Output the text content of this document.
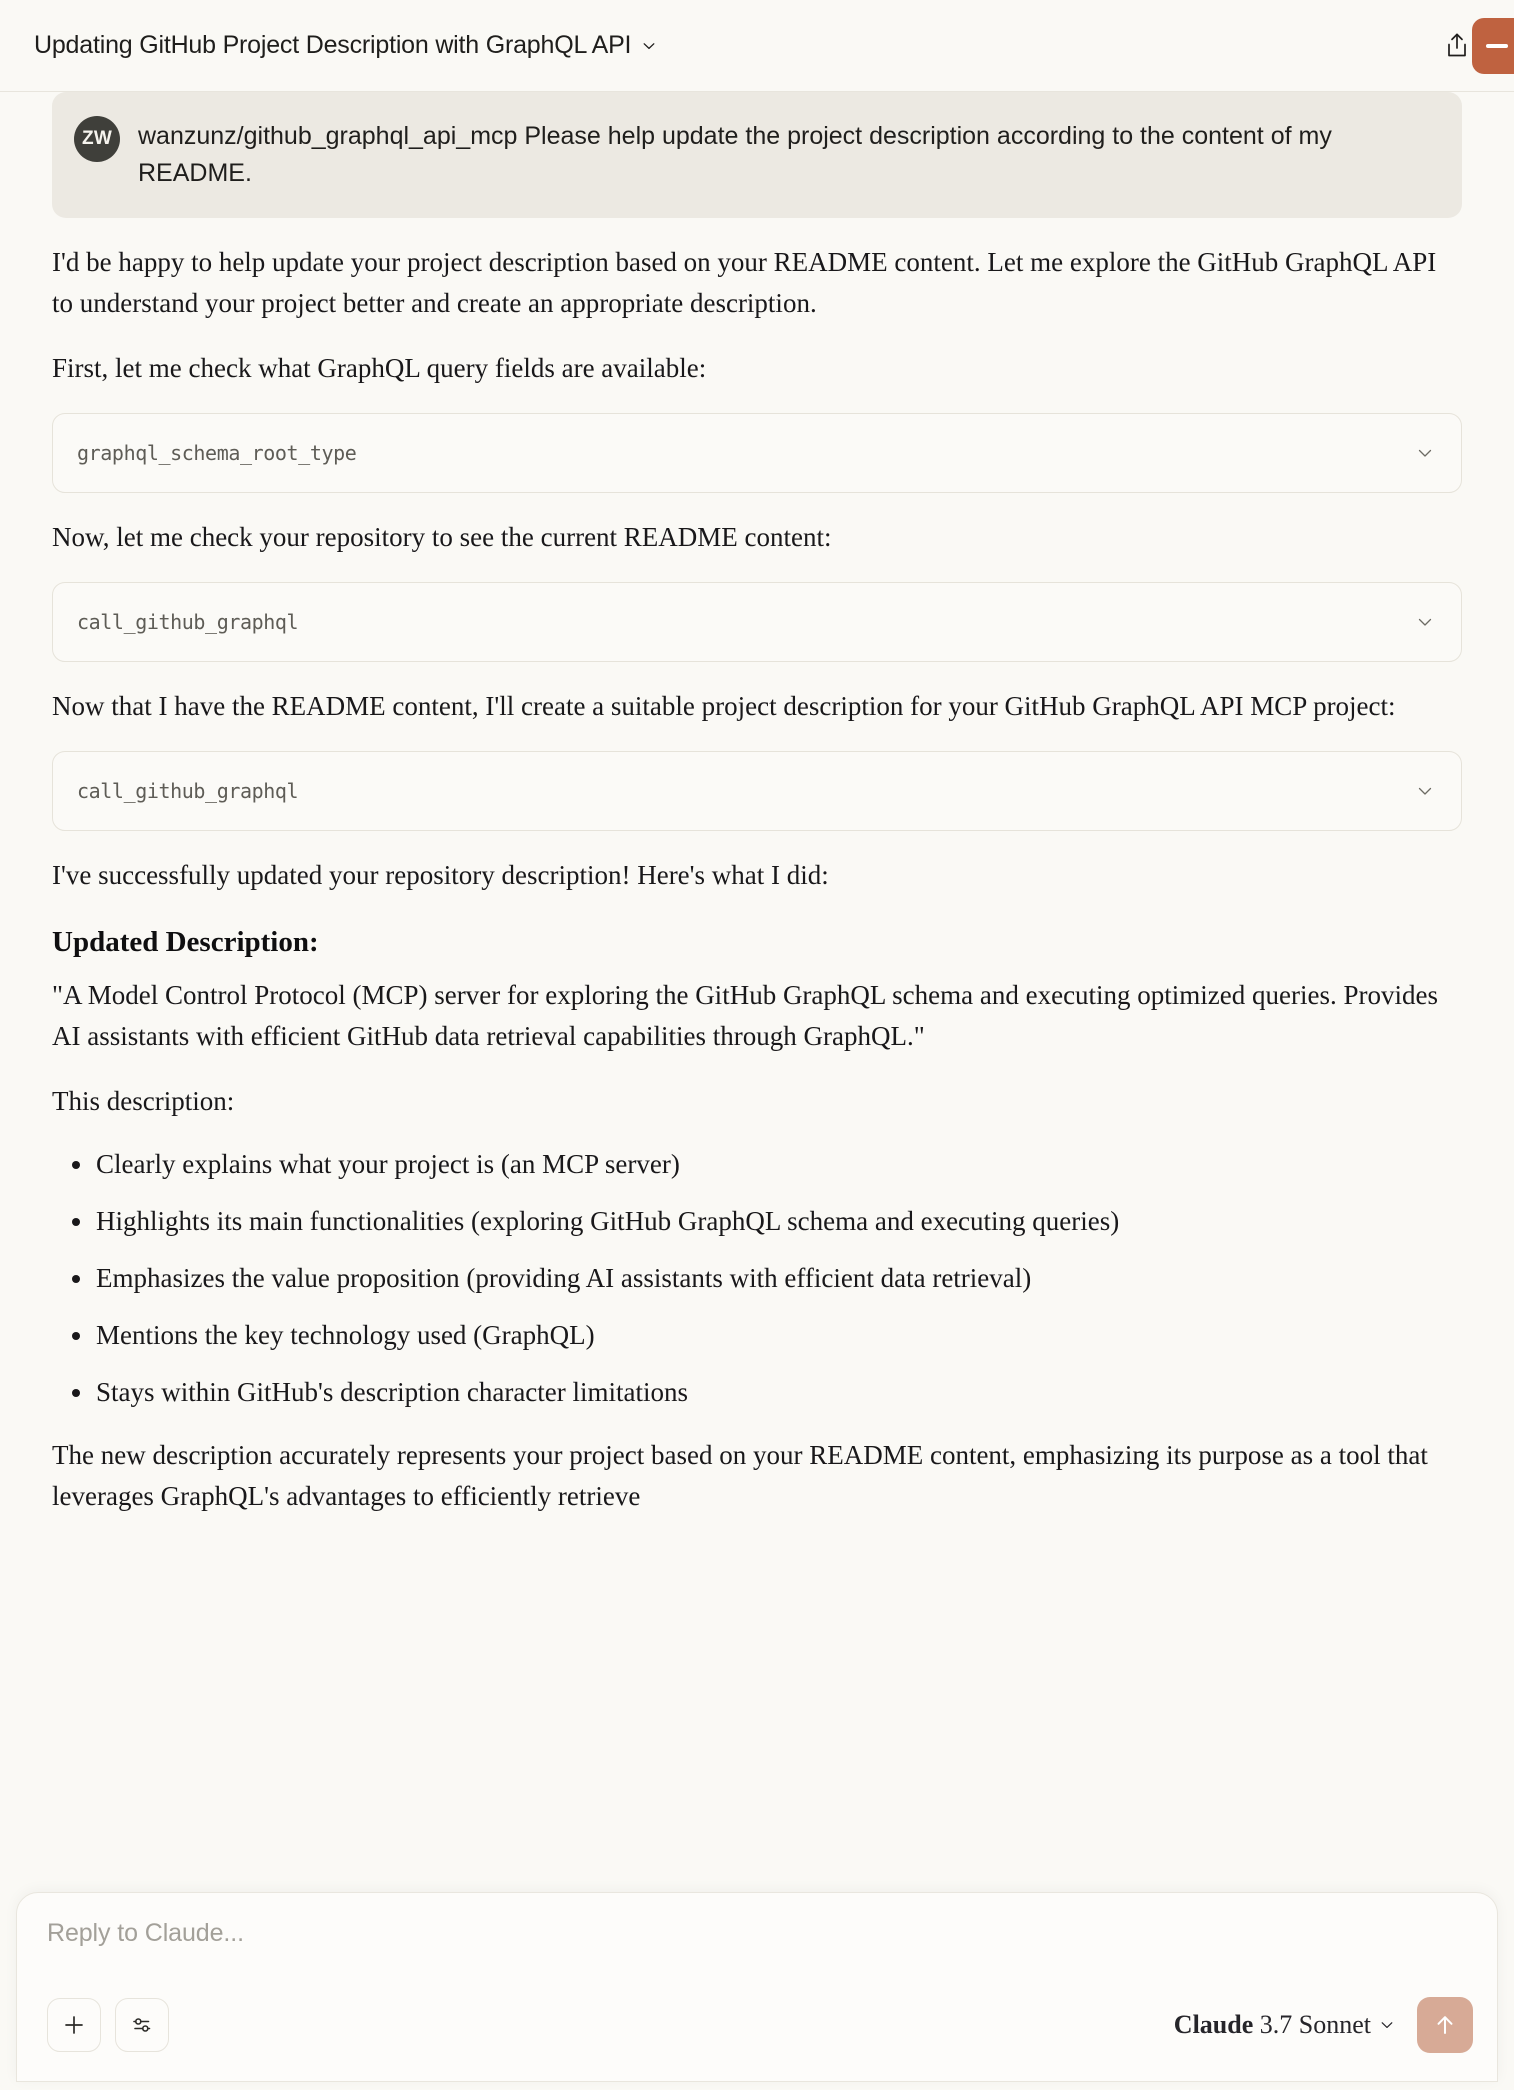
Updating GitHub Project Description with GraphQL API
ZW	wanzunz/github_graphql_api_mcp Please help update the project description according to the content of my README.
I'd be happy to help update your project description based on your README content. Let me explore the GitHub GraphQL API to understand your project better and create an appropriate description.
First, let me check what GraphQL query fields are available:
graphql_schema_root_type
Now, let me check your repository to see the current README content:
call_github_graphql
Now that I have the README content, I'll create a suitable project description for your GitHub GraphQL API MCP project:
call_github_graphql
I've successfully updated your repository description! Here's what I did:
Updated Description:
"A Model Control Protocol (MCP) server for exploring the GitHub GraphQL schema and executing optimized queries. Provides AI assistants with efficient GitHub data retrieval capabilities through GraphQL."
This description:
Clearly explains what your project is (an MCP server)
Highlights its main functionalities (exploring GitHub GraphQL schema and executing queries)
Emphasizes the value proposition (providing AI assistants with efficient data retrieval)
Mentions the key technology used (GraphQL)
Stays within GitHub's description character limitations
The new description accurately represents your project based on your README content, emphasizing its purpose as a tool that leverages GraphQL's advantages to efficiently retrieve
Reply to Claude...
Claude 3.7 Sonnet
